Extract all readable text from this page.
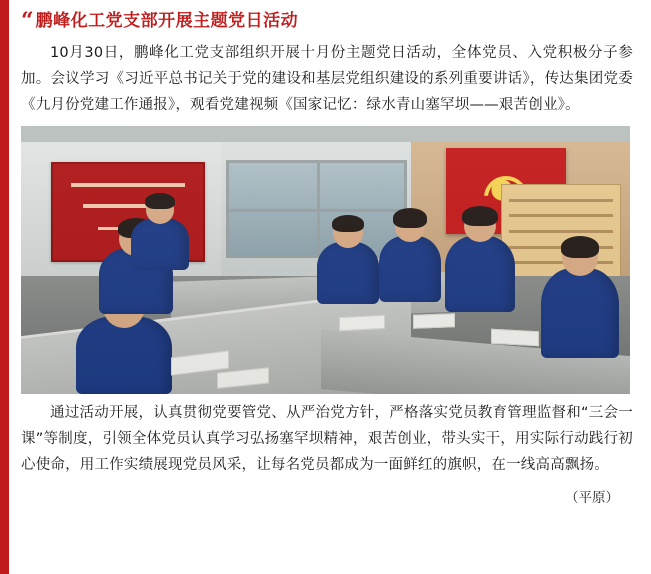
“ 鹏峰化工党支部开展主题党日活动

10月30日，鹏峰化工党支部组织开展十月份主题党日活动，全体党员、入党积极分子参加。会议学习《习近平总书记关于党的建设和基层党组织建设的系列重要讲话》，传达集团党委《九月份党建工作通报》，观看党建视频《国家记忆：绿水青山塞罕坝——艰苦创业》。

通过活动开展，认真贯彻党要管党、从严治党方针，严格落实党员教育管理监督和“三会一课”等制度，引领全体党员认真学习弘扬塞罕坝精神，艰苦创业，带头实干，用实际行动践行初心使命，用工作实绩展现党员风采，让每名党员都成为一面鲜红的旗帜，在一线高高飘扬。

（平原）
